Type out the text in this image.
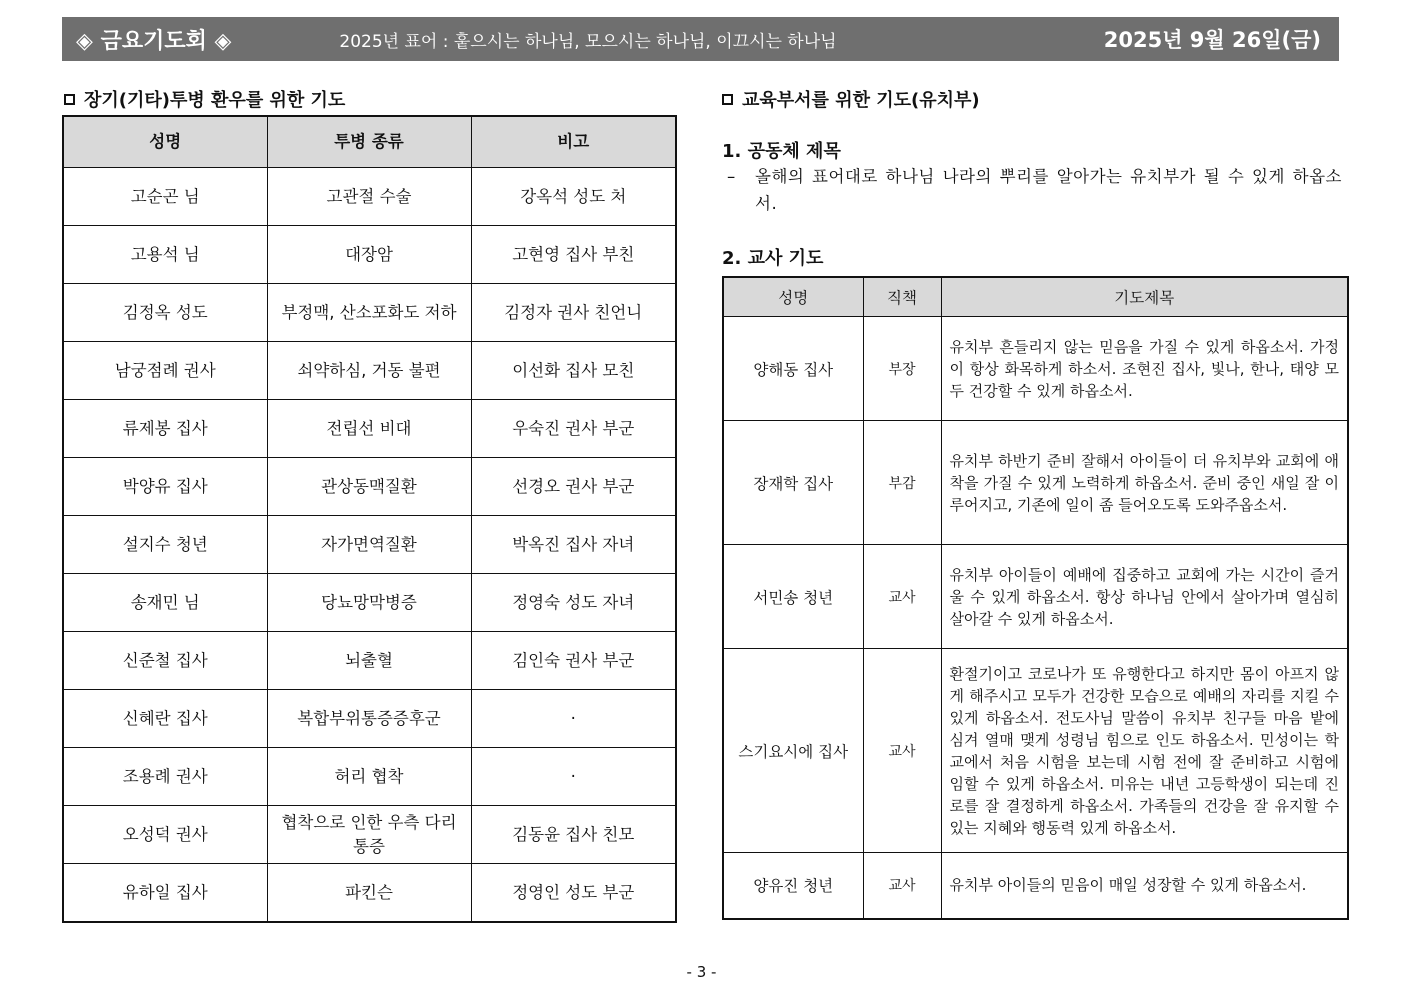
◈ 금요기도회 ◈	2025년 표어 : 훝으시는 하나님, 모으시는 하나님, 이끄시는 하나님	2025년 9월 26일(금)
장기(기타)투병 환우를 위한 기도
성명	투병 종류	비고
고순곤 님	고관절 수술	강옥석 성도 처
고용석 님	대장암	고현영 집사 부친
김정옥 성도	부정맥, 산소포화도 저하	김정자 권사 친언니
남궁점례 권사	쇠약하심, 거동 불편	이선화 집사 모친
류제봉 집사	전립선 비대	우숙진 권사 부군
박양유 집사	관상동맥질환	선경오 권사 부군
설지수 청년	자가면역질환	박옥진 집사 자녀
송재민 님	당뇨망막병증	정영숙 성도 자녀
신준철 집사	뇌출혈	김인숙 권사 부군
신혜란 집사	복합부위통증증후군	·
조용례 권사	허리 협착	·
오성덕 권사	협착으로 인한 우측 다리 통증	김동윤 집사 친모
유하일 집사	파킨슨	정영인 성도 부군
교육부서를 위한 기도(유치부)
1. 공동체 제목
–	올해의 표어대로 하나님 나라의 뿌리를 알아가는 유치부가 될 수 있게 하옵소서.
2. 교사 기도
성명	직책	기도제목
양해동 집사	부장	유치부 흔들리지 않는 믿음을 가질 수 있게 하옵소서. 가정이 항상 화목하게 하소서. 조현진 집사, 빛나, 한나, 태양 모두 건강할 수 있게 하옵소서.
장재학 집사	부감	유치부 하반기 준비 잘해서 아이들이 더 유치부와 교회에 애착을 가질 수 있게 노력하게 하옵소서. 준비 중인 새일 잘 이루어지고, 기존에 일이 좀 들어오도록 도와주옵소서.
서민송 청년	교사	유치부 아이들이 예배에 집중하고 교회에 가는 시간이 즐거울 수 있게 하옵소서. 항상 하나님 안에서 살아가며 열심히 살아갈 수 있게 하옵소서.
스기요시에 집사	교사	환절기이고 코로나가 또 유행한다고 하지만 몸이 아프지 않게 해주시고 모두가 건강한 모습으로 예배의 자리를 지킬 수 있게 하옵소서. 전도사님 말씀이 유치부 친구들 마음 밭에 심겨 열매 맺게 성령님 힘으로 인도 하옵소서. 민성이는 학교에서 처음 시험을 보는데 시험 전에 잘 준비하고 시험에 임할 수 있게 하옵소서. 미유는 내년 고등학생이 되는데 진로를 잘 결정하게 하옵소서. 가족들의 건강을 잘 유지할 수 있는 지혜와 행동력 있게 하옵소서.
양유진 청년	교사	유치부 아이들의 믿음이 매일 성장할 수 있게 하옵소서.
- 3 -
